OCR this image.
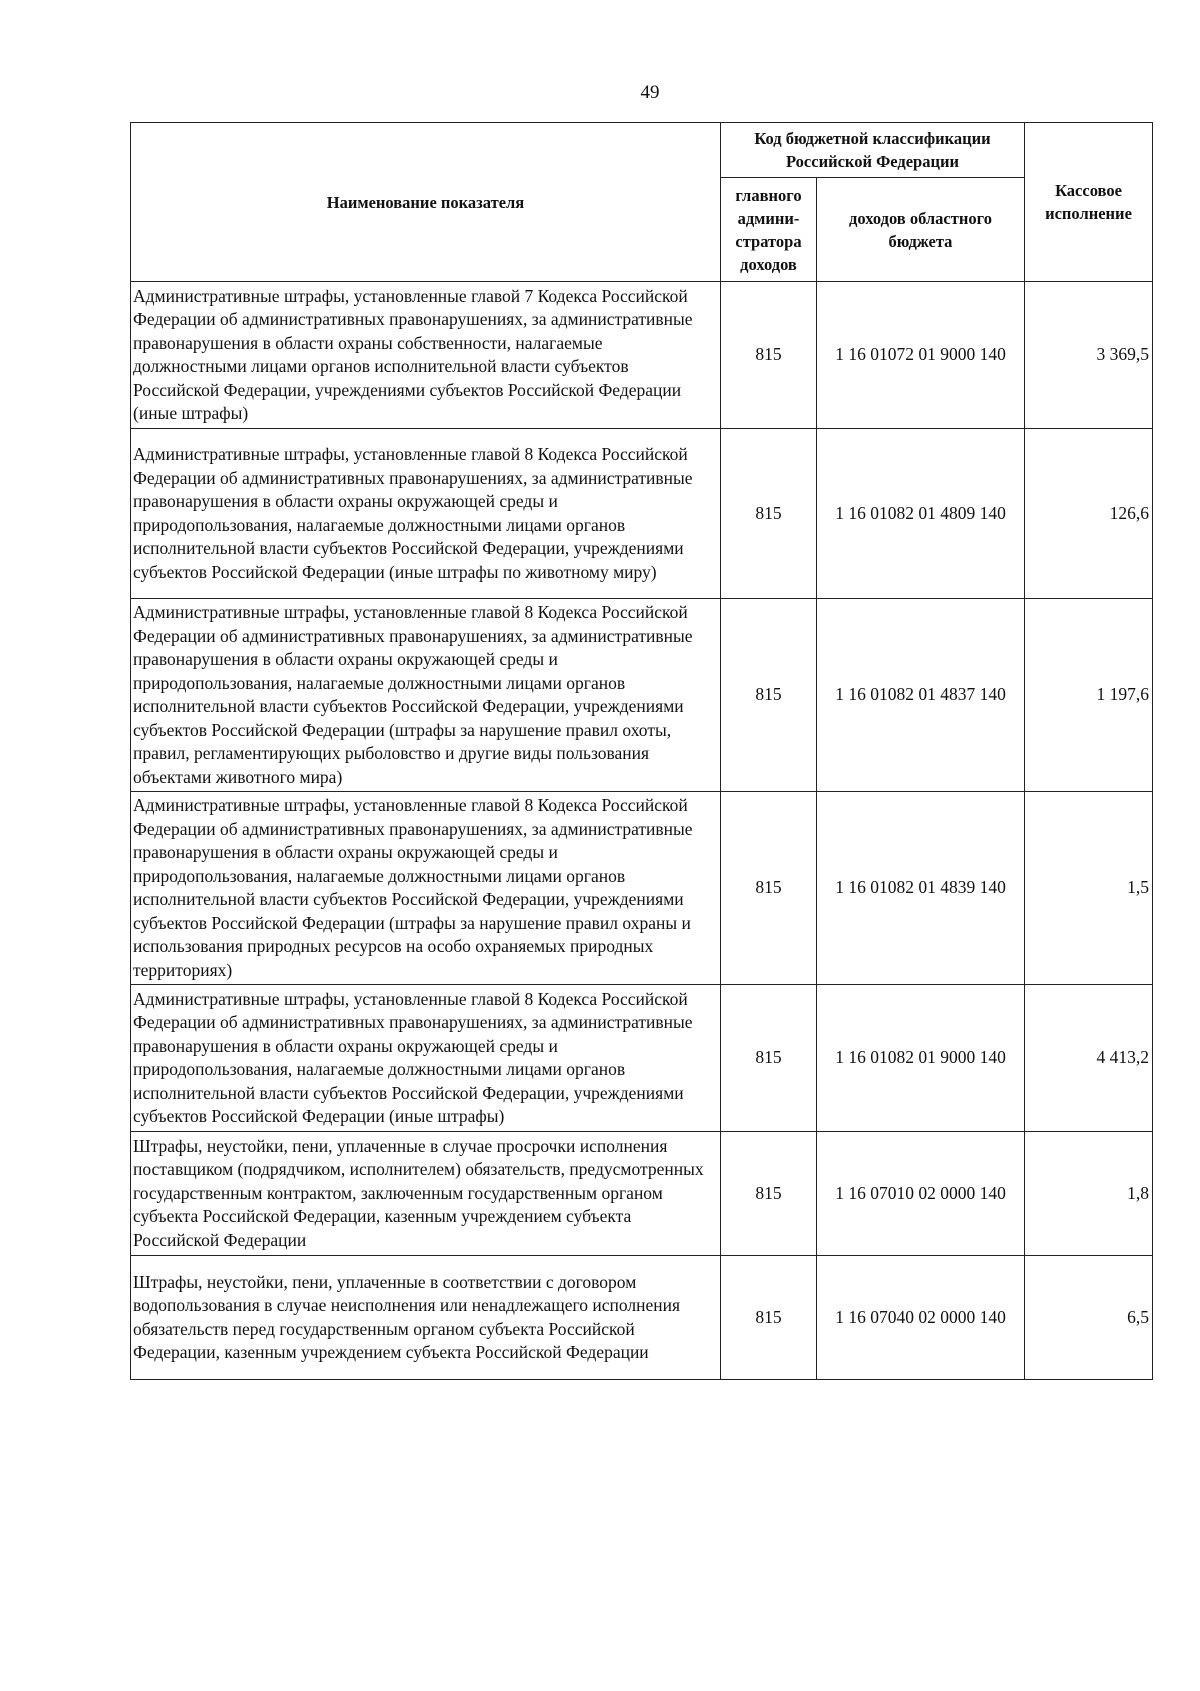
49
Наименование показателя	Код бюджетной классификации Российской Федерации		Кассовое исполнение
	главного админи-стратора доходов	доходов областного бюджета	
Административные штрафы, установленные главой 7 Кодекса Российской Федерации об административных правонарушениях, за административные правонарушения в области охраны собственности, налагаемые должностными лицами органов исполнительной власти субъектов Российской Федерации, учреждениями субъектов Российской Федерации (иные штрафы)	815	1 16 01072 01 9000 140	3 369,5
Административные штрафы, установленные главой 8 Кодекса Российской Федерации об административных правонарушениях, за административные правонарушения в области охраны окружающей среды и природопользования, налагаемые должностными лицами органов исполнительной власти субъектов Российской Федерации, учреждениями субъектов Российской Федерации (иные штрафы по животному миру)	815	1 16 01082 01 4809 140	126,6
Административные штрафы, установленные главой 8 Кодекса Российской Федерации об административных правонарушениях, за административные правонарушения в области охраны окружающей среды и природопользования, налагаемые должностными лицами органов исполнительной власти субъектов Российской Федерации, учреждениями субъектов Российской Федерации (штрафы за нарушение правил охоты, правил, регламентирующих рыболовство и другие виды пользования объектами животного мира)	815	1 16 01082 01 4837 140	1 197,6
Административные штрафы, установленные главой 8 Кодекса Российской Федерации об административных правонарушениях, за административные правонарушения в области охраны окружающей среды и природопользования, налагаемые должностными лицами органов исполнительной власти субъектов Российской Федерации, учреждениями субъектов Российской Федерации (штрафы за нарушение правил охраны и использования природных ресурсов на особо охраняемых природных территориях)	815	1 16 01082 01 4839 140	1,5
Административные штрафы, установленные главой 8 Кодекса Российской Федерации об административных правонарушениях, за административные правонарушения в области охраны окружающей среды и природопользования, налагаемые должностными лицами органов исполнительной власти субъектов Российской Федерации, учреждениями субъектов Российской Федерации (иные штрафы)	815	1 16 01082 01 9000 140	4 413,2
Штрафы, неустойки, пени, уплаченные в случае просрочки исполнения поставщиком (подрядчиком, исполнителем) обязательств, предусмотренных государственным контрактом, заключенным государственным органом субъекта Российской Федерации, казенным учреждением субъекта Российской Федерации	815	1 16 07010 02 0000 140	1,8
Штрафы, неустойки, пени, уплаченные в соответствии с договором водопользования в случае неисполнения или ненадлежащего исполнения обязательств перед государственным органом субъекта Российской Федерации, казенным учреждением субъекта Российской Федерации	815	1 16 07040 02 0000 140	6,5
